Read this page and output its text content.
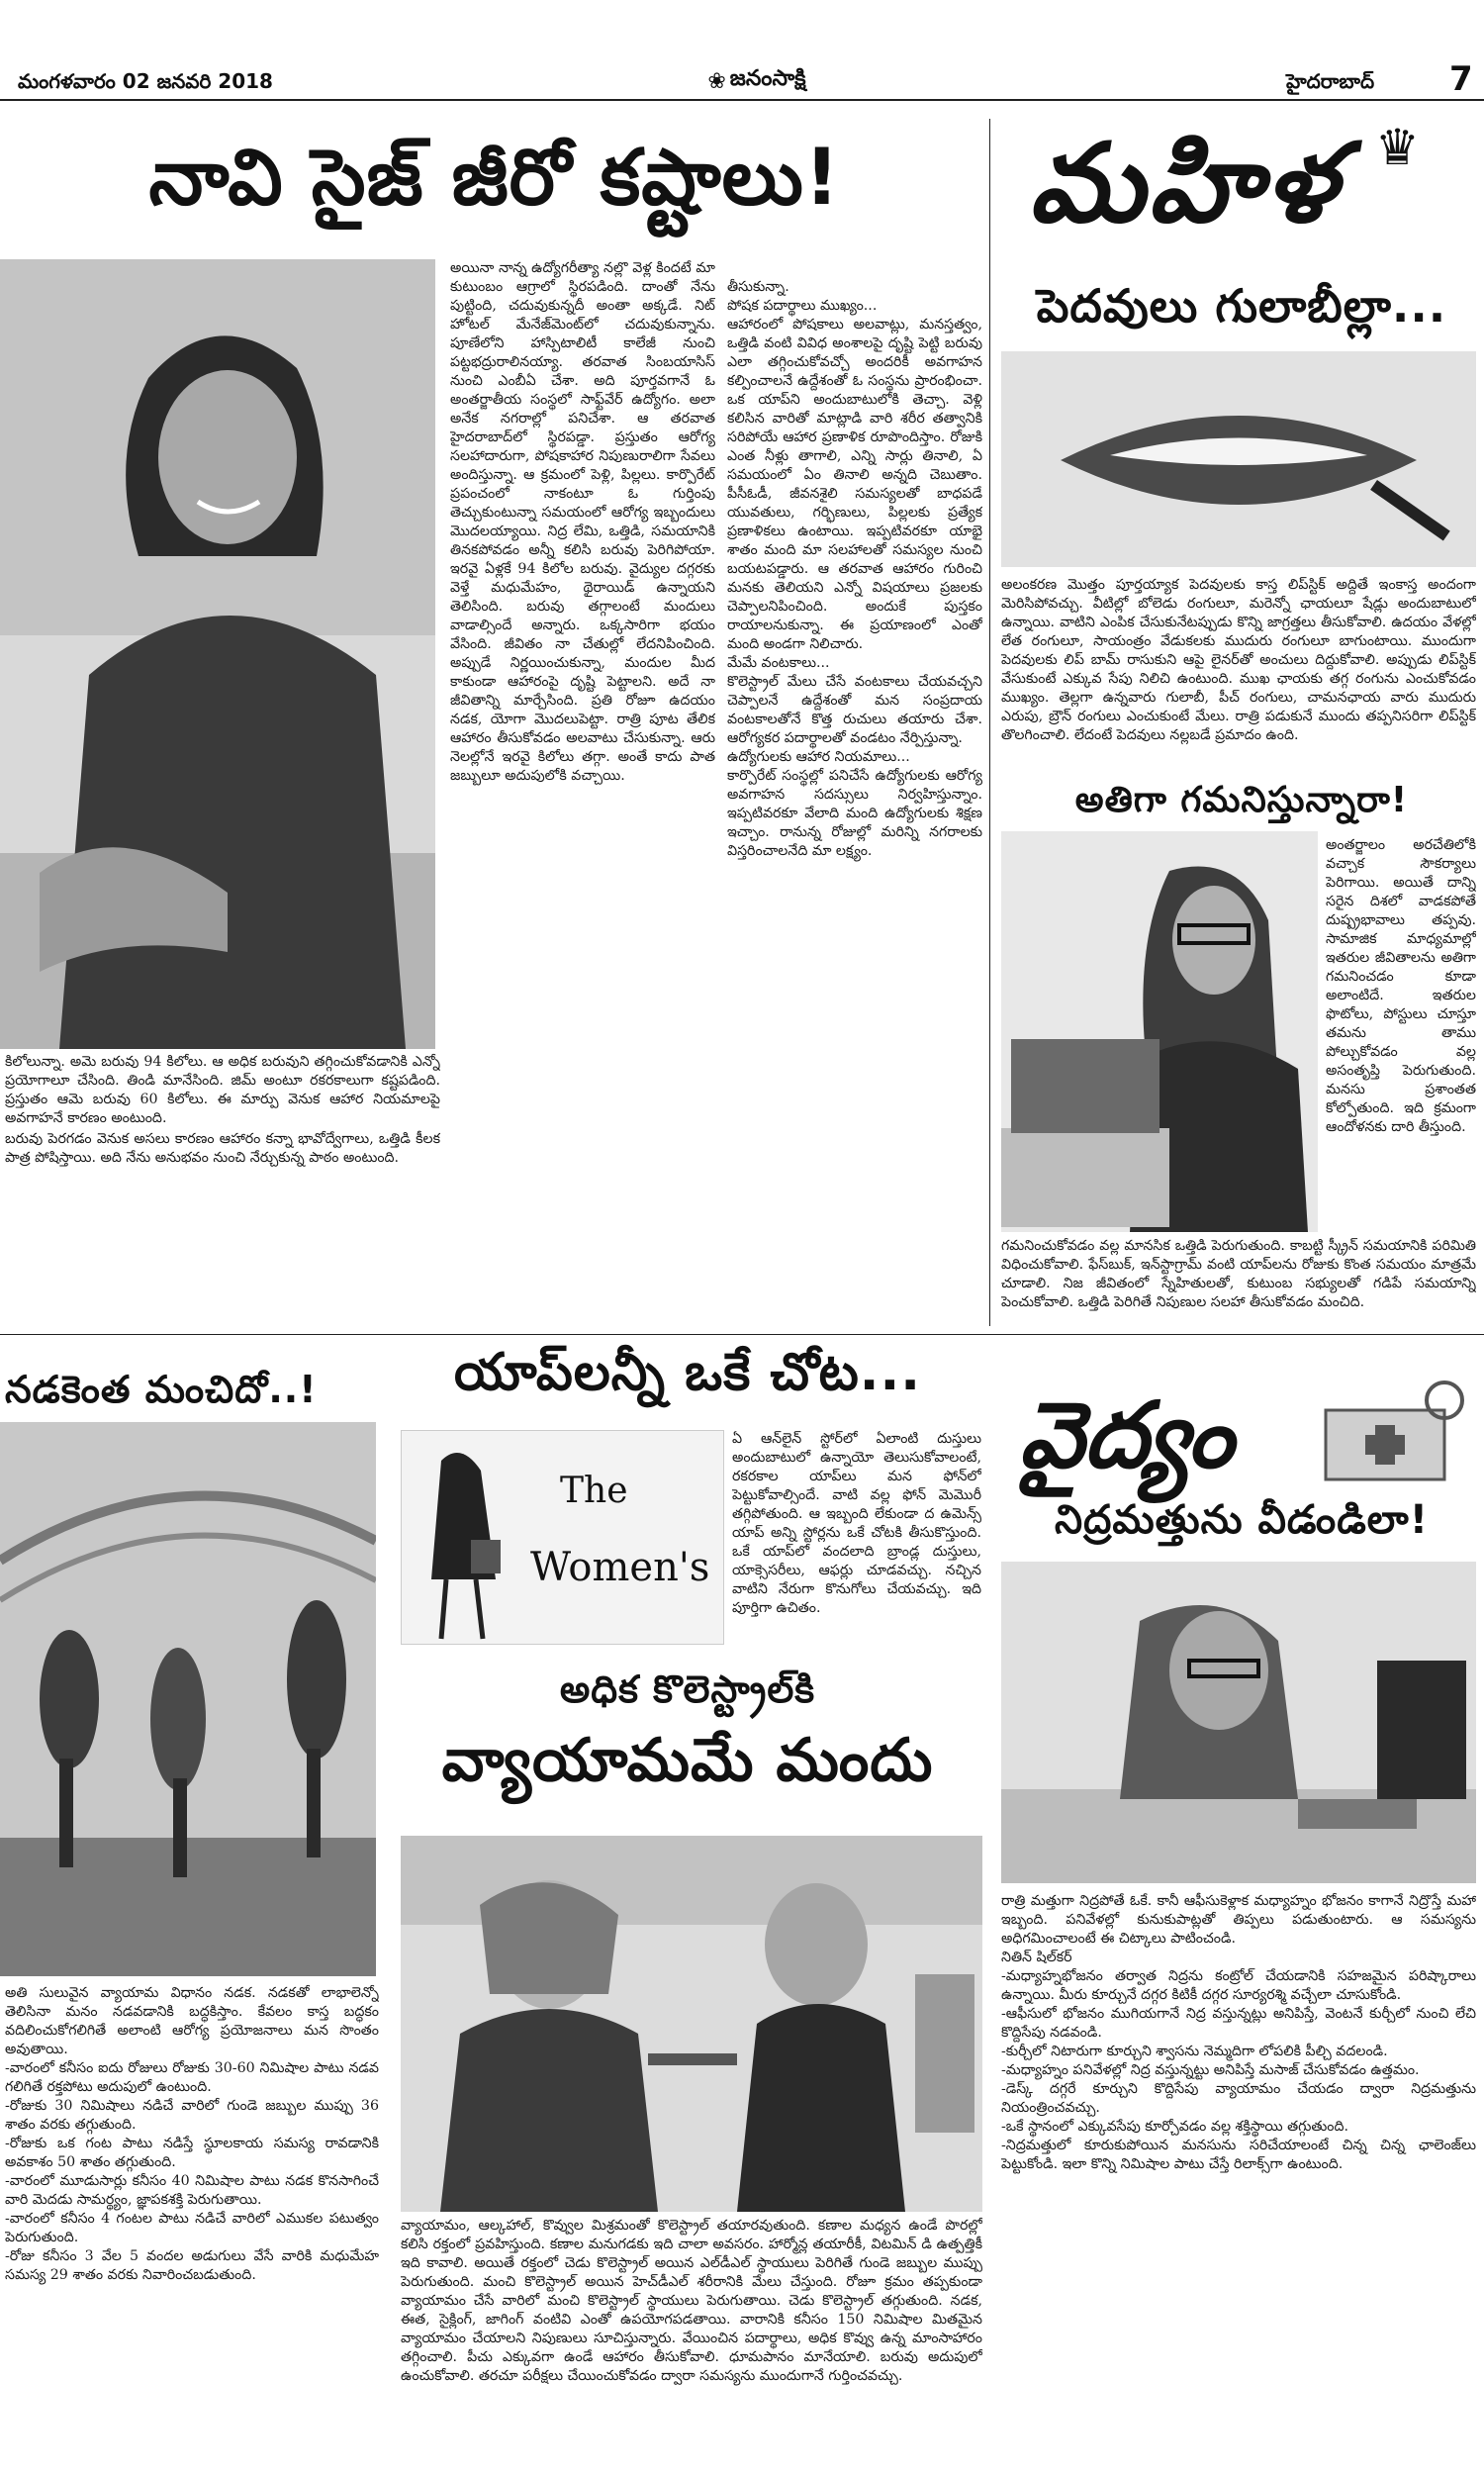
మంగళవారం 02 జనవరి 2018	❀ జనంసాక్షి	హైదరాబాద్ 7
నావి సైజ్ జీరో కష్టాలు!

కిలోలున్నా. అమె బరువు 94 కిలోలు. ఆ అధిక బరువుని తగ్గించుకోవడానికి ఎన్నో ప్రయోగాలూ చేసింది. తిండి మానేసింది. జిమ్ అంటూ రకరకాలుగా కష్టపడింది. ప్రస్తుతం ఆమె బరువు 60 కిలోలు. ఈ మార్పు వెనుక ఆహార నియమాలపై అవగాహనే కారణం అంటుంది.

బరువు పెరగడం వెనుక అసలు కారణం ఆహారం కన్నా భావోద్వేగాలు, ఒత్తిడి కీలక పాత్ర పోషిస్తాయి. అది నేను అనుభవం నుంచి నేర్చుకున్న పాఠం అంటుంది.

అయినా నాన్న ఉద్యోగరీత్యా నల్లొ వెళ్ల కిందటే మా కుటుంబం ఆగ్రాలో స్థిరపడింది. దాంతో నేను పుట్టింది, చదువుకున్నదీ అంతా అక్కడే. నిట్ హోటల్ మేనేజ్‌మెంట్‌లో చదువుకున్నాను. పూణేలోని హాస్పిటాలిటీ కాలేజీ నుంచి పట్టభద్రురాలినయ్యా. తరవాత సింబయాసిస్ నుంచి ఎంబీఏ చేశా. అది పూర్తవగానే ఓ అంతర్జాతీయ సంస్థలో సాఫ్ట్‌వేర్ ఉద్యోగం. అలా అనేక నగరాల్లో పనిచేశా. ఆ తరవాత హైదరాబాద్‌లో స్థిరపడ్డా. ప్రస్తుతం ఆరోగ్య సలహాదారుగా, పోషకాహార నిపుణురాలిగా సేవలు అందిస్తున్నా. ఆ క్రమంలో పెళ్లి, పిల్లలు. కార్పొరేట్ ప్రపంచంలో నాకంటూ ఓ గుర్తింపు తెచ్చుకుంటున్నా సమయంలో ఆరోగ్య ఇబ్బందులు మొదలయ్యాయి. నిద్ర లేమి, ఒత్తిడి, సమయానికి తినకపోవడం అన్నీ కలిసి బరువు పెరిగిపోయా. ఇరవై ఏళ్లకే 94 కిలోల బరువు. వైద్యుల దగ్గరకు వెళ్తే మధుమేహం, థైరాయిడ్ ఉన్నాయని తెలిసింది. బరువు తగ్గాలంటే మందులు వాడాల్సిందే అన్నారు. ఒక్కసారిగా భయం వేసింది. జీవితం నా చేతుల్లో లేదనిపించింది. అప్పుడే నిర్ణయించుకున్నా, మందుల మీద కాకుండా ఆహారంపై దృష్టి పెట్టాలని. అదే నా జీవితాన్ని మార్చేసింది. ప్రతి రోజూ ఉదయం నడక, యోగా మొదలుపెట్టా. రాత్రి పూట తేలిక ఆహారం తీసుకోవడం అలవాటు చేసుకున్నా. ఆరు నెలల్లోనే ఇరవై కిలోలు తగ్గా. అంతే కాదు పాత జబ్బులూ అదుపులోకి వచ్చాయి.

తీసుకున్నా.
పోషక పదార్థాలు ముఖ్యం...
ఆహారంలో పోషకాలు అలవాట్లు, మనస్తత్వం, ఒత్తిడి వంటి వివిధ అంశాలపై దృష్టి పెట్టి బరువు ఎలా తగ్గించుకోవచ్చో అందరికీ అవగాహన కల్పించాలనే ఉద్దేశంతో ఓ సంస్థను ప్రారంభించా. ఒక యాప్‌ని అందుబాటులోకి తెచ్చా. వెళ్లి కలిసిన వారితో మాట్లాడి వారి శరీర తత్వానికి సరిపోయే ఆహార ప్రణాళిక రూపొందిస్తాం. రోజుకి ఎంత నీళ్లు తాగాలి, ఎన్ని సార్లు తినాలి, ఏ సమయంలో ఏం తినాలి అన్నది చెబుతాం. పీసీఓడీ, జీవనశైలి సమస్యలతో బాధపడే యువతులు, గర్భిణులు, పిల్లలకు ప్రత్యేక ప్రణాళికలు ఉంటాయి. ఇప్పటివరకూ యాభై శాతం మంది మా సలహాలతో సమస్యల నుంచి బయటపడ్డారు. ఆ తరవాత ఆహారం గురించి మనకు తెలియని ఎన్నో విషయాలు ప్రజలకు చెప్పాలనిపించింది. అందుకే పుస్తకం రాయాలనుకున్నా. ఈ ప్రయాణంలో ఎంతో మంది అండగా నిలిచారు.
మేమే వంటకాలు...
కొలెస్ట్రాల్ మేలు చేసే వంటకాలు చేయవచ్చని చెప్పాలనే ఉద్దేశంతో మన సంప్రదాయ వంటకాలతోనే కొత్త రుచులు తయారు చేశా. ఆరోగ్యకర పదార్థాలతో వండటం నేర్పిస్తున్నా.
ఉద్యోగులకు ఆహార నియమాలు...
కార్పొరేట్ సంస్థల్లో పనిచేసే ఉద్యోగులకు ఆరోగ్య అవగాహన సదస్సులు నిర్వహిస్తున్నాం. ఇప్పటివరకూ వేలాది మంది ఉద్యోగులకు శిక్షణ ఇచ్చాం. రానున్న రోజుల్లో మరిన్ని నగరాలకు విస్తరించాలనేది మా లక్ష్యం.

మహిళ ♛
పెదవులు గులాబీల్లా...
అలంకరణ మొత్తం పూర్తయ్యాక పెదవులకు కాస్త లిప్‌స్టిక్ అద్దితే ఇంకాస్త అందంగా మెరిసిపోవచ్చు. వీటిల్లో బోలెడు రంగులూ, మరెన్నో ఛాయలూ షేడ్లు అందుబాటులో ఉన్నాయి. వాటిని ఎంపిక చేసుకునేటప్పుడు కొన్ని జాగ్రత్తలు తీసుకోవాలి. ఉదయం వేళల్లో లేత రంగులూ, సాయంత్రం వేడుకలకు ముదురు రంగులూ బాగుంటాయి. ముందుగా పెదవులకు లిప్ బామ్ రాసుకుని ఆపై లైనర్‌తో అంచులు దిద్దుకోవాలి. అప్పుడు లిప్‌స్టిక్ వేసుకుంటే ఎక్కువ సేపు నిలిచి ఉంటుంది. ముఖ ఛాయకు తగ్గ రంగును ఎంచుకోవడం ముఖ్యం. తెల్లగా ఉన్నవారు గులాబీ, పీచ్ రంగులు, చామనఛాయ వారు ముదురు ఎరుపు, బ్రౌన్ రంగులు ఎంచుకుంటే మేలు. రాత్రి పడుకునే ముందు తప్పనిసరిగా లిప్‌స్టిక్ తొలగించాలి. లేదంటే పెదవులు నల్లబడే ప్రమాదం ఉంది.
అతిగా గమనిస్తున్నారా!
అంతర్జాలం అరచేతిలోకి వచ్చాక సౌకర్యాలు పెరిగాయి. అయితే దాన్ని సరైన దిశలో వాడకపోతే దుష్ప్రభావాలు తప్పవు. సామాజిక మాధ్యమాల్లో ఇతరుల జీవితాలను అతిగా గమనించడం కూడా అలాంటిదే. ఇతరుల ఫొటోలు, పోస్టులు చూస్తూ తమను తాము పోల్చుకోవడం వల్ల అసంతృప్తి పెరుగుతుంది. మనసు ప్రశాంతత కోల్పోతుంది. ఇది క్రమంగా ఆందోళనకు దారి తీస్తుంది.
గమనించుకోవడం వల్ల మానసిక ఒత్తిడి పెరుగుతుంది. కాబట్టి స్క్రీన్ సమయానికి పరిమితి విధించుకోవాలి. ఫేస్‌బుక్, ఇన్‌స్టాగ్రామ్ వంటి యాప్‌లను రోజుకు కొంత సమయం మాత్రమే చూడాలి. నిజ జీవితంలో స్నేహితులతో, కుటుంబ సభ్యులతో గడిపే సమయాన్ని పెంచుకోవాలి. ఒత్తిడి పెరిగితే నిపుణుల సలహా తీసుకోవడం మంచిది.
నడకెంత మంచిదో..!
అతి సులువైన వ్యాయామ విధానం నడక. నడకతో లాభాలెన్నో తెలిసినా మనం నడవడానికి బద్ధకిస్తాం. కేవలం కాస్త బద్ధకం వదిలించుకోగలిగితే అలాంటి ఆరోగ్య ప్రయోజనాలు మన సొంతం అవుతాయి.
-వారంలో కనీసం ఐదు రోజులు రోజుకు 30-60 నిమిషాల పాటు నడవ గలిగితే రక్తపోటు అదుపులో ఉంటుంది.
-రోజుకు 30 నిమిషాలు నడిచే వారిలో గుండె జబ్బుల ముప్పు 36 శాతం వరకు తగ్గుతుంది.
-రోజుకు ఒక గంట పాటు నడిస్తే స్థూలకాయ సమస్య రావడానికి అవకాశం 50 శాతం తగ్గుతుంది.
-వారంలో మూడుసార్లు కనీసం 40 నిమిషాల పాటు నడక కొనసాగించే వారి మెదడు సామర్థ్యం, జ్ఞాపకశక్తి పెరుగుతాయి.
-వారంలో కనీసం 4 గంటల పాటు నడిచే వారిలో ఎముకల పటుత్వం పెరుగుతుంది.
-రోజు కనీసం 3 వేల 5 వందల అడుగులు వేసే వారికి మధుమేహ సమస్య 29 శాతం వరకు నివారించబడుతుంది.
యాప్‌లన్నీ ఒకే చోట...
The
Women's
ఏ ఆన్‌లైన్ స్టోర్‌లో ఏలాంటి దుస్తులు అందుబాటులో ఉన్నాయో తెలుసుకోవాలంటే, రకరకాల యాప్‌లు మన ఫోన్‌లో పెట్టుకోవాల్సిందే. వాటి వల్ల ఫోన్ మెమొరీ తగ్గిపోతుంది. ఆ ఇబ్బంది లేకుండా ద ఉమెన్స్ యాప్ అన్ని స్టోర్లను ఒకే చోటకి తీసుకొస్తుంది. ఒకే యాప్‌లో వందలాది బ్రాండ్ల దుస్తులు, యాక్సెసరీలు, ఆఫర్లు చూడవచ్చు. నచ్చిన వాటిని నేరుగా కొనుగోలు చేయవచ్చు. ఇది పూర్తిగా ఉచితం.
అధిక కొలెస్ట్రాల్‌కి
వ్యాయామమే మందు
వ్యాయామం, ఆల్కహాల్, కొవ్వుల మిశ్రమంతో కొలెస్ట్రాల్ తయారవుతుంది. కణాల మధ్యన ఉండే పొరల్లో కలిసి రక్తంలో ప్రవహిస్తుంది. కణాల మనుగడకు ఇది చాలా అవసరం. హార్మోన్ల తయారీకీ, విటమిన్ డి ఉత్పత్తికీ ఇది కావాలి. అయితే రక్తంలో చెడు కొలెస్ట్రాల్ అయిన ఎల్‌డీఎల్ స్థాయులు పెరిగితే గుండె జబ్బుల ముప్పు పెరుగుతుంది. మంచి కొలెస్ట్రాల్ అయిన హెచ్‌డీఎల్ శరీరానికి మేలు చేస్తుంది. రోజూ క్రమం తప్పకుండా వ్యాయామం చేసే వారిలో మంచి కొలెస్ట్రాల్ స్థాయులు పెరుగుతాయి. చెడు కొలెస్ట్రాల్ తగ్గుతుంది. నడక, ఈత, సైక్లింగ్, జాగింగ్ వంటివి ఎంతో ఉపయోగపడతాయి. వారానికి కనీసం 150 నిమిషాల మితమైన వ్యాయామం చేయాలని నిపుణులు సూచిస్తున్నారు. వేయించిన పదార్థాలు, అధిక కొవ్వు ఉన్న మాంసాహారం తగ్గించాలి. పీచు ఎక్కువగా ఉండే ఆహారం తీసుకోవాలి. ధూమపానం మానేయాలి. బరువు అదుపులో ఉంచుకోవాలి. తరచూ పరీక్షలు చేయించుకోవడం ద్వారా సమస్యను ముందుగానే గుర్తించవచ్చు.
వైద్యం
నిద్రమత్తును వీడండిలా!
రాత్రి మత్తుగా నిద్రపోతే ఓకే. కానీ ఆఫీసుకెళ్లాక మధ్యాహ్నం భోజనం కాగానే నిద్రొస్తే మహా ఇబ్బంది. పనివేళల్లో కునుకుపాట్లతో తిప్పలు పడుతుంటారు. ఆ సమస్యను అధిగమించాలంటే ఈ చిట్కాలు పాటించండి.
నితిన్ షిల్‌కర్
-మధ్యాహ్నభోజనం తర్వాత నిద్రను కంట్రోల్ చేయడానికి సహజమైన పరిష్కారాలు ఉన్నాయి. మీరు కూర్చునే దగ్గర కిటికీ దగ్గర సూర్యరశ్మి వచ్చేలా చూసుకోండి.
-ఆఫీసులో భోజనం ముగియగానే నిద్ర వస్తున్నట్లు అనిపిస్తే, వెంటనే కుర్చీలో నుంచి లేచి కొద్దిసేపు నడవండి.
-కుర్చీలో నిటారుగా కూర్చుని శ్వాసను నెమ్మదిగా లోపలికి పీల్చి వదలండి.
-మధ్యాహ్నం పనివేళల్లో నిద్ర వస్తున్నట్టు అనిపిస్తే మసాజ్ చేసుకోవడం ఉత్తమం.
-డెస్క్ దగ్గరే కూర్చుని కొద్దిసేపు వ్యాయామం చేయడం ద్వారా నిద్రమత్తును నియంత్రించవచ్చు.
-ఒకే స్థానంలో ఎక్కువసేపు కూర్చోవడం వల్ల శక్తిస్థాయి తగ్గుతుంది.
-నిద్రమత్తులో కూరుకుపోయిన మనసును సరిచేయాలంటే చిన్న చిన్న ఛాలెంజ్‌లు పెట్టుకోండి. ఇలా కొన్ని నిమిషాల పాటు చేస్తే రిలాక్స్‌గా ఉంటుంది.
